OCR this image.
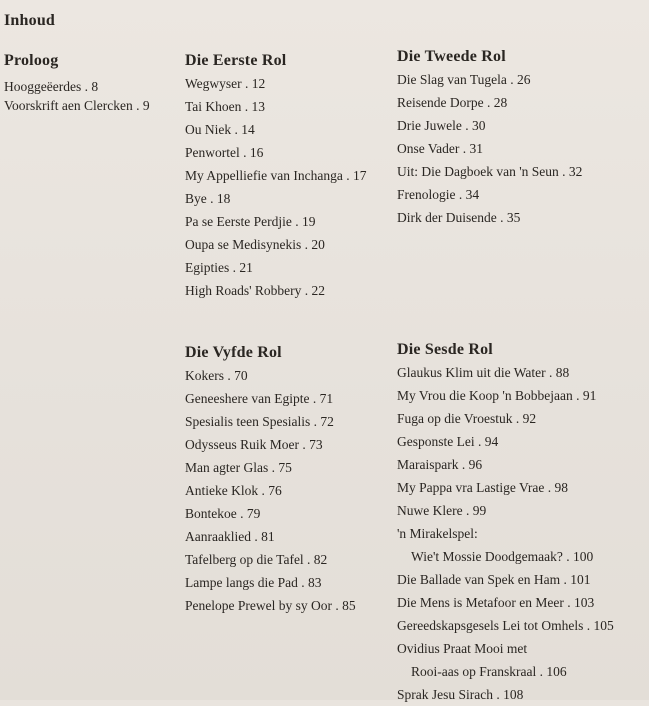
Inhoud
Proloog
Hooggeëerdes . 8
Voorskrift aen Clercken . 9
Die Eerste Rol
Wegwyser . 12
Tai Khoen . 13
Ou Niek . 14
Penwortel . 16
My Appelliefie van Inchanga . 17
Bye . 18
Pa se Eerste Perdjie . 19
Oupa se Medisynekis . 20
Egipties . 21
High Roads' Robbery . 22
Die Tweede Rol
Die Slag van Tugela . 26
Reisende Dorpe . 28
Drie Juwele . 30
Onse Vader . 31
Uit: Die Dagboek van 'n Seun . 32
Frenologie . 34
Dirk der Duisende . 35
Die Vyfde Rol
Kokers . 70
Geneeshere van Egipte . 71
Spesialis teen Spesialis . 72
Odysseus Ruik Moer . 73
Man agter Glas . 75
Antieke Klok . 76
Bontekoe . 79
Aanraaklied . 81
Tafelberg op die Tafel . 82
Lampe langs die Pad . 83
Penelope Prewel by sy Oor . 85
Die Sesde Rol
Glaukus Klim uit die Water . 88
My Vrou die Koop 'n Bobbejaan . 91
Fuga op die Vroestuk . 92
Gesponste Lei . 94
Maraispark . 96
My Pappa vra Lastige Vrae . 98
Nuwe Klere . 99
'n Mirakelspel:
Wie't Mossie Doodgemaak? . 100
Die Ballade van Spek en Ham . 101
Die Mens is Metafoor en Meer . 103
Gereedskapsgesels Lei tot Omhels . 105
Ovidius Praat Mooi met
Rooi-aas op Franskraal . 106
Sprak Jesu Sirach . 108
